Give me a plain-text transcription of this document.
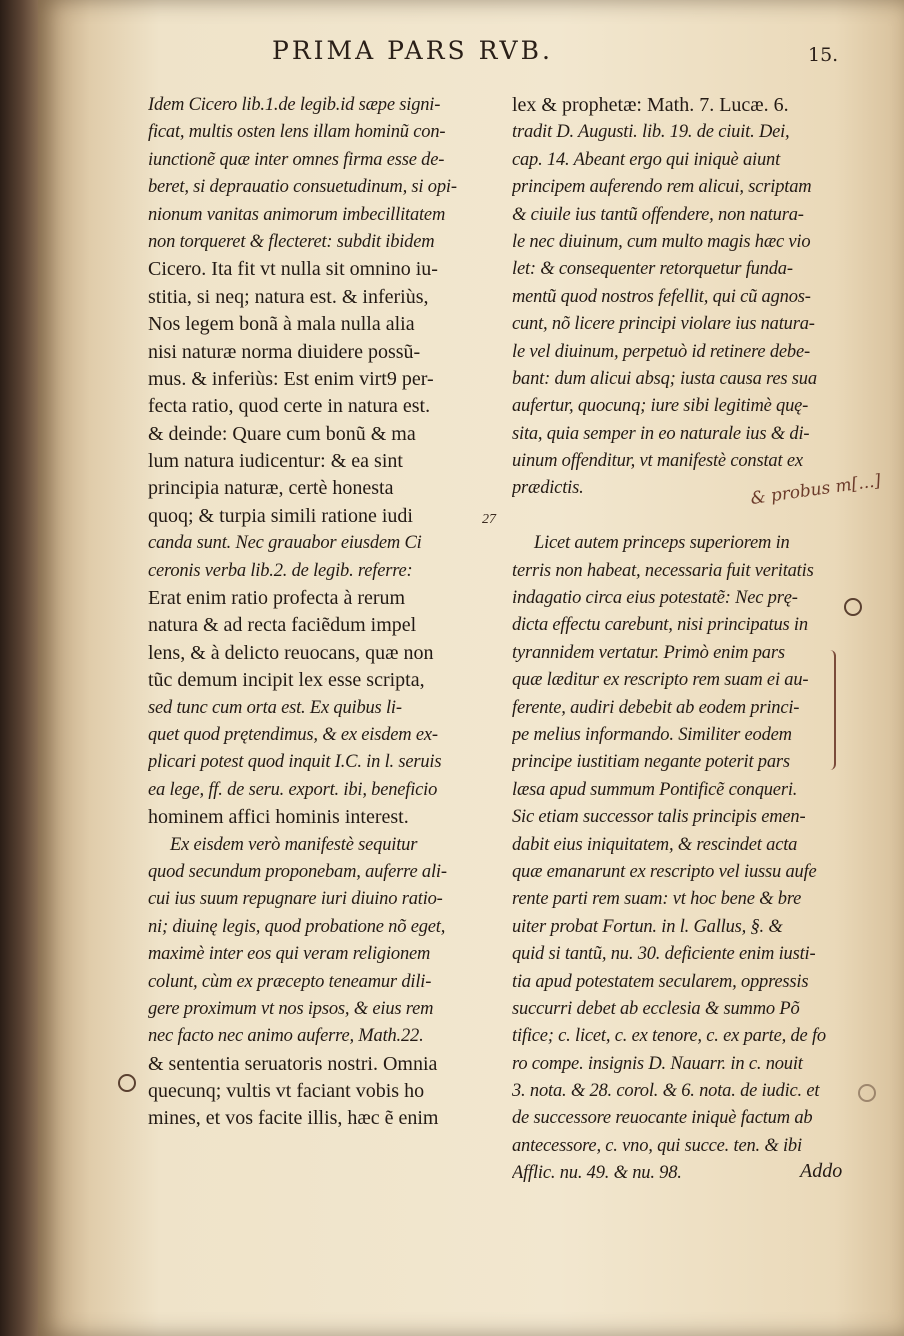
PRIMA PARS RVB.	15.
Idem Cicero lib.1.de legib.id sæpe signi-
ficat, multis osten lens illam hominũ con-
iunctionẽ quæ inter omnes firma esse de-
beret, si deprauatio consuetudinum, si opi-
nionum vanitas animorum imbecillitatem
non torqueret & flecteret: subdit ibidem
Cicero. Ita fit vt nulla sit omnino iu-
stitia, si neq; natura est. & inferiùs,
Nos legem bonã à mala nulla alia
nisi naturæ norma diuidere possũ-
mus. & inferiùs: Est enim virt9 per-
fecta ratio, quod certe in natura est.
& deinde: Quare cum bonũ & ma
lum natura iudicentur: & ea sint
principia naturæ, certè honesta
quoq; & turpia simili ratione iudi
canda sunt. Nec grauabor eiusdem Ci
ceronis verba lib.2. de legib. referre:
Erat enim ratio profecta à rerum
natura & ad recta faciẽdum impel
lens, & à delicto reuocans, quæ non
tũc demum incipit lex esse scripta,
sed tunc cum orta est. Ex quibus li-
quet quod prętendimus, & ex eisdem ex-
plicari potest quod inquit I.C. in l. seruis
ea lege, ff. de seru. export. ibi, beneficio
hominem affici hominis interest.
Ex eisdem verò manifestè sequitur
quod secundum proponebam, auferre ali-
cui ius suum repugnare iuri diuino ratio-
ni; diuinę legis, quod probatione nõ eget,
maximè inter eos qui veram religionem
colunt, cùm ex præcepto teneamur dili-
gere proximum vt nos ipsos, & eius rem
nec facto nec animo auferre, Math.22.
& sententia seruatoris nostri. Omnia
quecunq; vultis vt faciant vobis ho
mines, et vos facite illis, hæc ẽ enim
lex & prophetæ: Math. 7. Lucæ. 6.
tradit D. Augusti. lib. 19. de ciuit. Dei,
cap. 14. Abeant ergo qui iniquè aiunt
principem auferendo rem alicui, scriptam
& ciuile ius tantũ offendere, non natura-
le nec diuinum, cum multo magis hæc vio
let: & consequenter retorquetur funda-
mentũ quod nostros fefellit, qui cũ agnos-
cunt, nõ licere principi violare ius natura-
le vel diuinum, perpetuò id retinere debe-
bant: dum alicui absq; iusta causa res sua
aufertur, quocunq; iure sibi legitimè quę-
sita, quia semper in eo naturale ius & di-
uinum offenditur, vt manifestè constat ex
prædictis.
Licet autem princeps superiorem in
terris non habeat, necessaria fuit veritatis
indagatio circa eius potestatẽ: Nec prę-
dicta effectu carebunt, nisi principatus in
tyrannidem vertatur. Primò enim pars
quæ læditur ex rescripto rem suam ei au-
ferente, audiri debebit ab eodem princi-
pe melius informando. Similiter eodem
principe iustitiam negante poterit pars
læsa apud summum Pontificẽ conqueri.
Sic etiam successor talis principis emen-
dabit eius iniquitatem, & rescindet acta
quæ emanarunt ex rescripto vel iussu aufe
rente parti rem suam: vt hoc bene & bre
uiter probat Fortun. in l. Gallus, §. &
quid si tantũ, nu. 30. deficiente enim iusti-
tia apud potestatem secularem, oppressis
succurri debet ab ecclesia & summo Põ
tifice; c. licet, c. ex tenore, c. ex parte, de fo
ro compe. insignis D. Nauarr. in c. nouit
3. nota. & 28. corol. & 6. nota. de iudic. et
de successore reuocante iniquè factum ab
antecessore, c. vno, qui succe. ten. & ibi
Afflic. nu. 49. & nu. 98.
27
& probus m[...]
Addo
